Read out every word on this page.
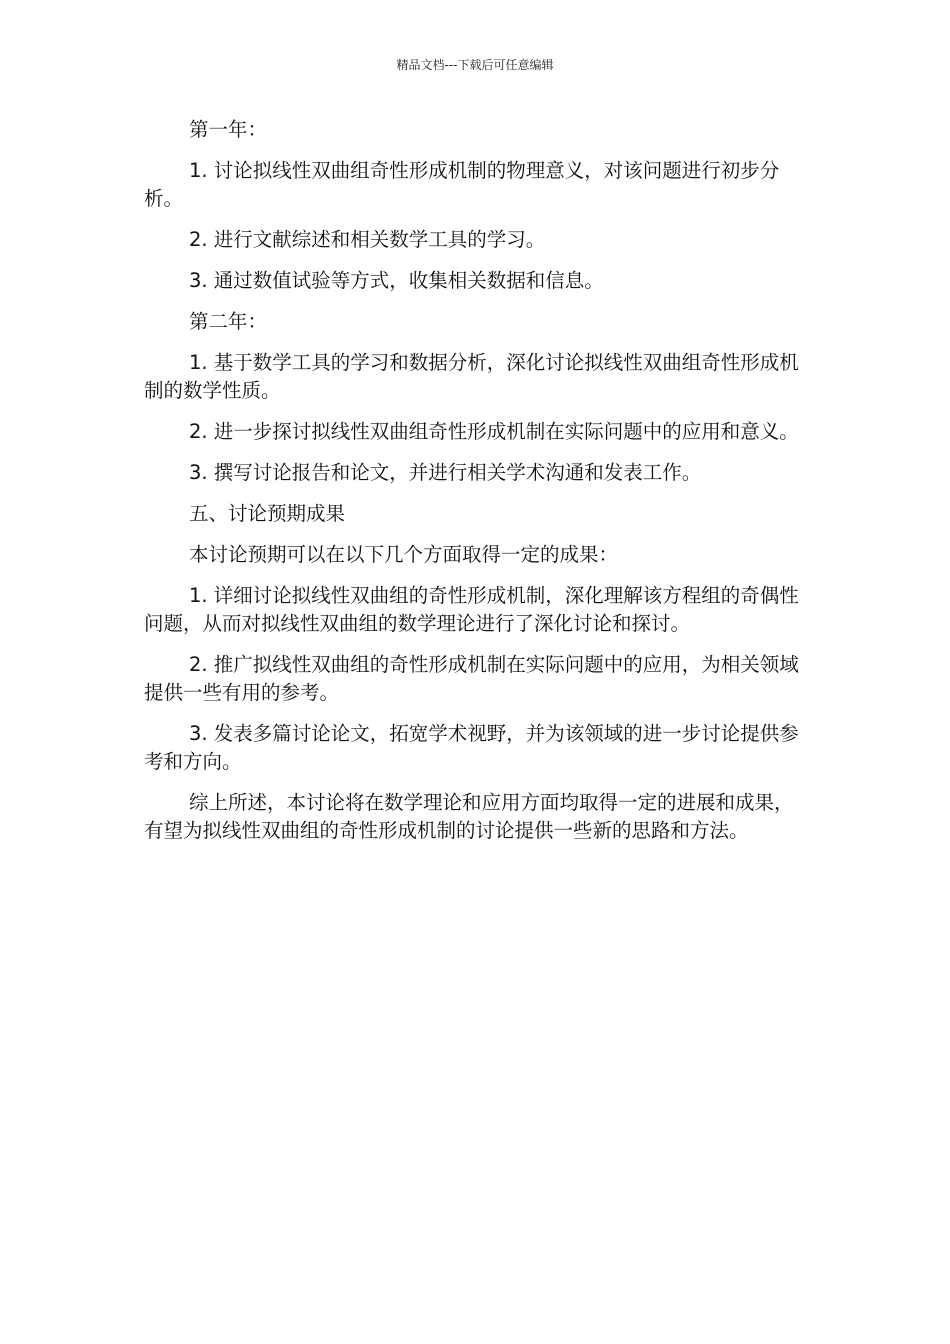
精品文档---下载后可任意编辑

第一年：

1. 讨论拟线性双曲组奇性形成机制的物理意义，对该问题进行初步分析。

2. 进行文献综述和相关数学工具的学习。

3. 通过数值试验等方式，收集相关数据和信息。

第二年：

1. 基于数学工具的学习和数据分析，深化讨论拟线性双曲组奇性形成机制的数学性质。

2. 进一步探讨拟线性双曲组奇性形成机制在实际问题中的应用和意义。

3. 撰写讨论报告和论文，并进行相关学术沟通和发表工作。

五、讨论预期成果

本讨论预期可以在以下几个方面取得一定的成果：

1. 详细讨论拟线性双曲组的奇性形成机制，深化理解该方程组的奇偶性问题，从而对拟线性双曲组的数学理论进行了深化讨论和探讨。

2. 推广拟线性双曲组的奇性形成机制在实际问题中的应用，为相关领域提供一些有用的参考。

3. 发表多篇讨论论文，拓宽学术视野，并为该领域的进一步讨论提供参考和方向。

综上所述，本讨论将在数学理论和应用方面均取得一定的进展和成果，有望为拟线性双曲组的奇性形成机制的讨论提供一些新的思路和方法。
